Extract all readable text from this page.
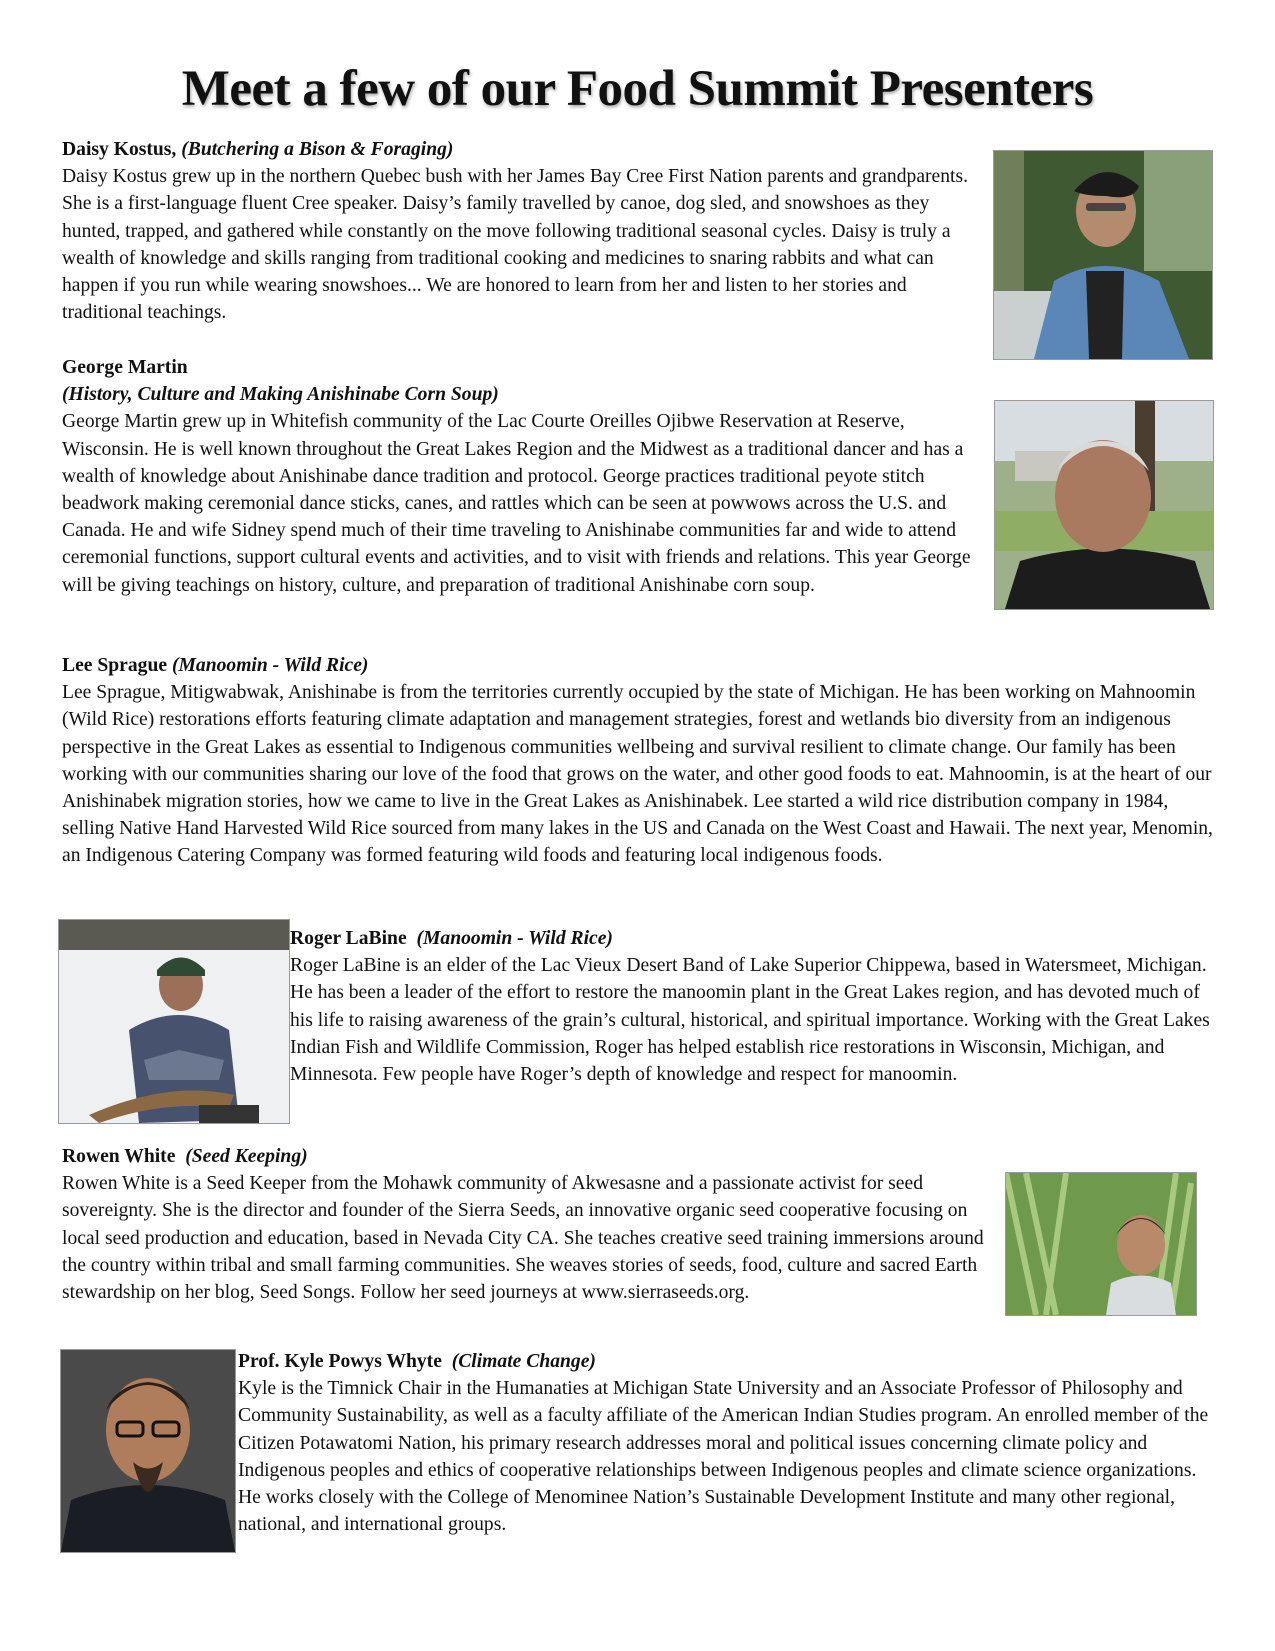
Meet a few of our Food Summit Presenters

Daisy Kostus, (Butchering a Bison & Foraging)

Daisy Kostus grew up in the northern Quebec bush with her James Bay Cree First Nation parents and grandparents. She is a first-language fluent Cree speaker. Daisy’s family travelled by canoe, dog sled, and snowshoes as they hunted, trapped, and gathered while constantly on the move following traditional seasonal cycles. Daisy is truly a wealth of knowledge and skills ranging from traditional cooking and medicines to snaring rabbits and what can happen if you run while wearing snowshoes... We are honored to learn from her and listen to her stories and traditional teachings.

George Martin

(History, Culture and Making Anishinabe Corn Soup)

George Martin grew up in Whitefish community of the Lac Courte Oreilles Ojibwe Reservation at Reserve, Wisconsin. He is well known throughout the Great Lakes Region and the Midwest as a traditional dancer and has a wealth of knowledge about Anishinabe dance tradition and protocol. George practices traditional peyote stitch beadwork making ceremonial dance sticks, canes, and rattles which can be seen at powwows across the U.S. and Canada. He and wife Sidney spend much of their time traveling to Anishinabe communities far and wide to attend ceremonial functions, support cultural events and activities, and to visit with friends and relations. This year George will be giving teachings on history, culture, and preparation of traditional Anishinabe corn soup.

Lee Sprague (Manoomin - Wild Rice)

Lee Sprague, Mitigwabwak, Anishinabe is from the territories currently occupied by the state of Michigan. He has been working on Mahnoomin (Wild Rice) restorations efforts featuring climate adaptation and management strategies, forest and wetlands bio diversity from an indigenous perspective in the Great Lakes as essential to Indigenous communities wellbeing and survival resilient to climate change. Our family has been working with our communities sharing our love of the food that grows on the water, and other good foods to eat. Mahnoomin, is at the heart of our Anishinabek migration stories, how we came to live in the Great Lakes as Anishinabek. Lee started a wild rice distribution company in 1984, selling Native Hand Harvested Wild Rice sourced from many lakes in the US and Canada on the West Coast and Hawaii. The next year, Menomin, an Indigenous Catering Company was formed featuring wild foods and featuring local indigenous foods.

Roger LaBine (Manoomin - Wild Rice)

Roger LaBine is an elder of the Lac Vieux Desert Band of Lake Superior Chippewa, based in Watersmeet, Michigan. He has been a leader of the effort to restore the manoomin plant in the Great Lakes region, and has devoted much of his life to raising awareness of the grain’s cultural, historical, and spiritual importance. Working with the Great Lakes Indian Fish and Wildlife Commission, Roger has helped establish rice restorations in Wisconsin, Michigan, and Minnesota. Few people have Roger’s depth of knowledge and respect for manoomin.

Rowen White (Seed Keeping)

Rowen White is a Seed Keeper from the Mohawk community of Akwesasne and a passionate activist for seed sovereignty. She is the director and founder of the Sierra Seeds, an innovative organic seed cooperative focusing on local seed production and education, based in Nevada City CA. She teaches creative seed training immersions around the country within tribal and small farming communities. She weaves stories of seeds, food, culture and sacred Earth stewardship on her blog, Seed Songs. Follow her seed journeys at www.sierraseeds.org.

Prof. Kyle Powys Whyte (Climate Change)

Kyle is the Timnick Chair in the Humanaties at Michigan State University and an Associate Professor of Philosophy and Community Sustainability, as well as a faculty affiliate of the American Indian Studies program. An enrolled member of the Citizen Potawatomi Nation, his primary research addresses moral and political issues concerning climate policy and Indigenous peoples and ethics of cooperative relationships between Indigenous peoples and climate science organizations. He works closely with the College of Menominee Nation’s Sustainable Development Institute and many other regional, national, and international groups.
